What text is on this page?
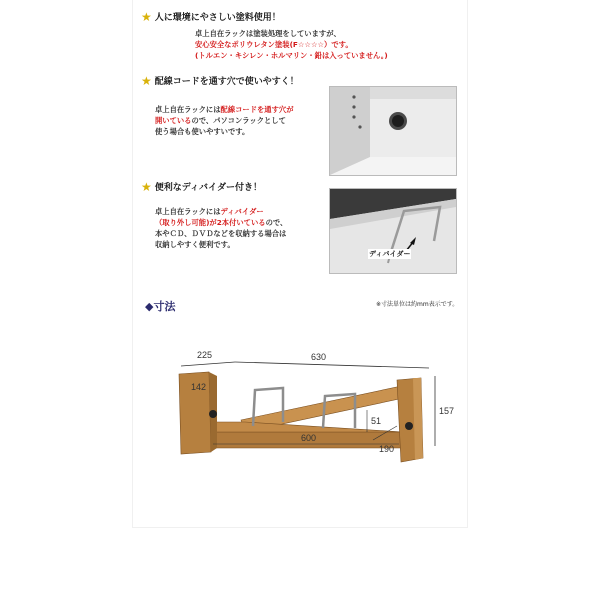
★ 人に環境にやさしい塗料使用！
卓上自在ラックは塗装処理をしていますが、
安心安全なポリウレタン塗装(F☆☆☆☆）です。
(トルエン・キシレン・ホルマリン・鉛は入っていません。)
★ 配線コードを通す穴で使いやすく！
卓上自在ラックには配線コードを通す穴が
開いているので、パソコンラックとして
使う場合も使いやすいです。
★ 便利なディバイダー付き！
卓上自在ラックにはディバイダー
（取り外し可能)が2本付いているので、
本やＣＤ、ＤＶＤなどを収納する場合は
収納しやすく便利です。
ディバイダー
◆寸法	※寸法単位は約mm表示です。
225	630
142
157
51
600
190
